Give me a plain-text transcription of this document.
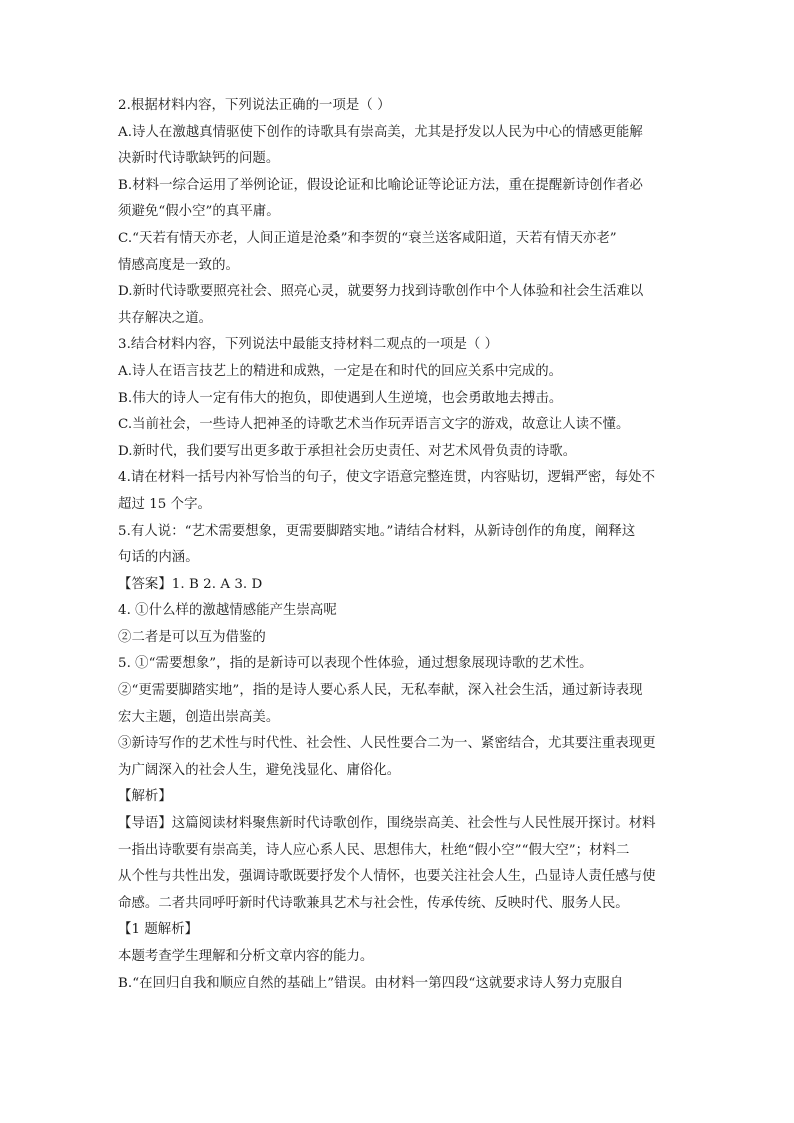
2.根据材料内容，下列说法正确的一项是（ ）
A.诗人在激越真情驱使下创作的诗歌具有崇高美，尤其是抒发以人民为中心的情感更能解
决新时代诗歌缺钙的问题。
B.材料一综合运用了举例论证，假设论证和比喻论证等论证方法，重在提醒新诗创作者必
须避免“假小空”的真平庸。
C.“天若有情天亦老，人间正道是沧桑”和李贺的“衰兰送客咸阳道，天若有情天亦老”
情感高度是一致的。
D.新时代诗歌要照亮社会、照亮心灵，就要努力找到诗歌创作中个人体验和社会生活难以
共存解决之道。
3.结合材料内容，下列说法中最能支持材料二观点的一项是（ ）
A.诗人在语言技艺上的精进和成熟，一定是在和时代的回应关系中完成的。
B.伟大的诗人一定有伟大的抱负，即使遇到人生逆境，也会勇敢地去搏击。
C.当前社会，一些诗人把神圣的诗歌艺术当作玩弄语言文字的游戏，故意让人读不懂。
D.新时代，我们要写出更多敢于承担社会历史责任、对艺术风骨负责的诗歌。
4.请在材料一括号内补写恰当的句子，使文字语意完整连贯，内容贴切，逻辑严密，每处不
超过 15 个字。
5.有人说：“艺术需要想象，更需要脚踏实地。”请结合材料，从新诗创作的角度，阐释这
句话的内涵。
【答案】1. B 2. A 3. D
4. ①什么样的激越情感能产生崇高呢
②二者是可以互为借鉴的
5. ①“需要想象”，指的是新诗可以表现个性体验，通过想象展现诗歌的艺术性。
②“更需要脚踏实地”，指的是诗人要心系人民，无私奉献，深入社会生活，通过新诗表现
宏大主题，创造出崇高美。
③新诗写作的艺术性与时代性、社会性、人民性要合二为一、紧密结合，尤其要注重表现更
为广阔深入的社会人生，避免浅显化、庸俗化。
【解析】
【导语】这篇阅读材料聚焦新时代诗歌创作，围绕崇高美、社会性与人民性展开探讨。材料
一指出诗歌要有崇高美，诗人应心系人民、思想伟大，杜绝“假小空”“假大空”；材料二
从个性与共性出发，强调诗歌既要抒发个人情怀，也要关注社会人生，凸显诗人责任感与使
命感。二者共同呼吁新时代诗歌兼具艺术与社会性，传承传统、反映时代、服务人民。
【1 题解析】
本题考查学生理解和分析文章内容的能力。
B.“在回归自我和顺应自然的基础上”错误。由材料一第四段“这就要求诗人努力克服自
